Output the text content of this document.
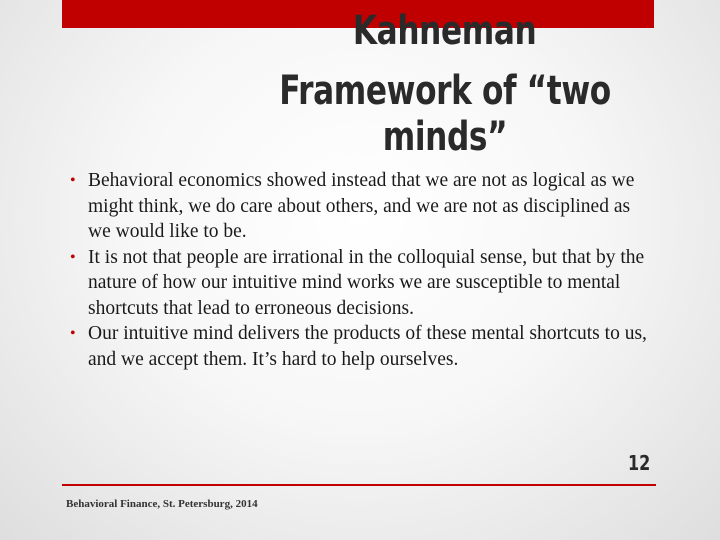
Kahneman
Framework of “two minds”
• Behavioral economics showed instead that we are not as logical as we might think, we do care about others, and we are not as disciplined as we would like to be.
• It is not that people are irrational in the colloquial sense, but that by the nature of how our intuitive mind works we are susceptible to mental shortcuts that lead to erroneous decisions.
• Our intuitive mind delivers the products of these mental shortcuts to us, and we accept them. It’s hard to help ourselves.
12
Behavioral Finance, St. Petersburg, 2014
